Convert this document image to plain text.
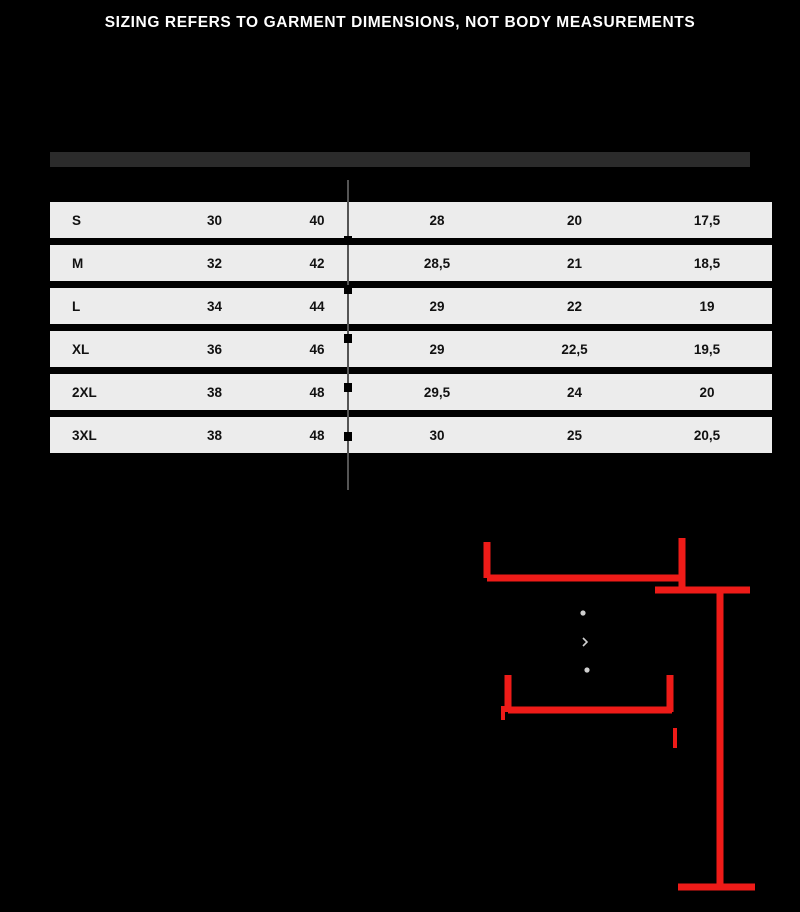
SIZING REFERS TO GARMENT DIMENSIONS, NOT BODY MEASUREMENTS
S	30	40	28	20	17,5
M	32	42	28,5	21	18,5
L	34	44	29	22	19
XL	36	46	29	22,5	19,5
2XL	38	48	29,5	24	20
3XL	38	48	30	25	20,5
